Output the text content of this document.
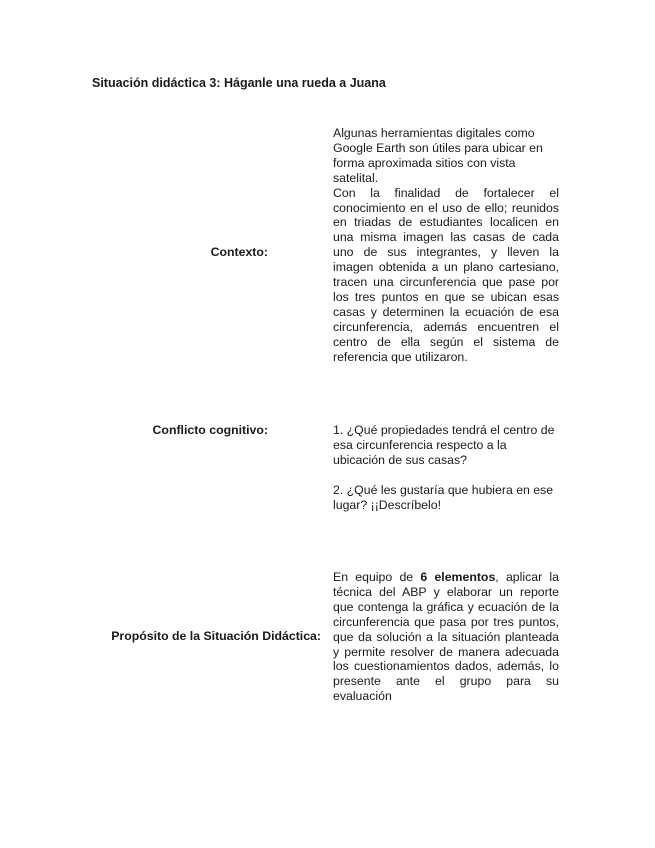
Situación didáctica 3: Háganle una rueda a Juana
Contexto:

Algunas herramientas digitales como Google Earth son útiles para ubicar en forma aproximada sitios con vista satelital.

Con la finalidad de fortalecer el conocimiento en el uso de ello; reunidos en triadas de estudiantes localicen en una misma imagen las casas de cada uno de sus integrantes, y lleven la imagen obtenida a un plano cartesiano, tracen una circunferencia que pase por los tres puntos en que se ubican esas casas y determinen la ecuación de esa circunferencia, además encuentren el centro de ella según el sistema de referencia que utilizaron.

Conflicto cognitivo:	1. ¿Qué propiedades tendrá el centro de esa circunferencia respecto a la ubicación de sus casas?

2. ¿Qué les gustaría que hubiera en ese lugar? ¡¡Descríbelo!

Propósito de la Situación Didáctica:

En equipo de 6 elementos, aplicar la técnica del ABP y elaborar un reporte que contenga la gráfica y ecuación de la circunferencia que pasa por tres puntos, que da solución a la situación planteada y permite resolver de manera adecuada los cuestionamientos dados, además, lo presente ante el grupo para su evaluación
